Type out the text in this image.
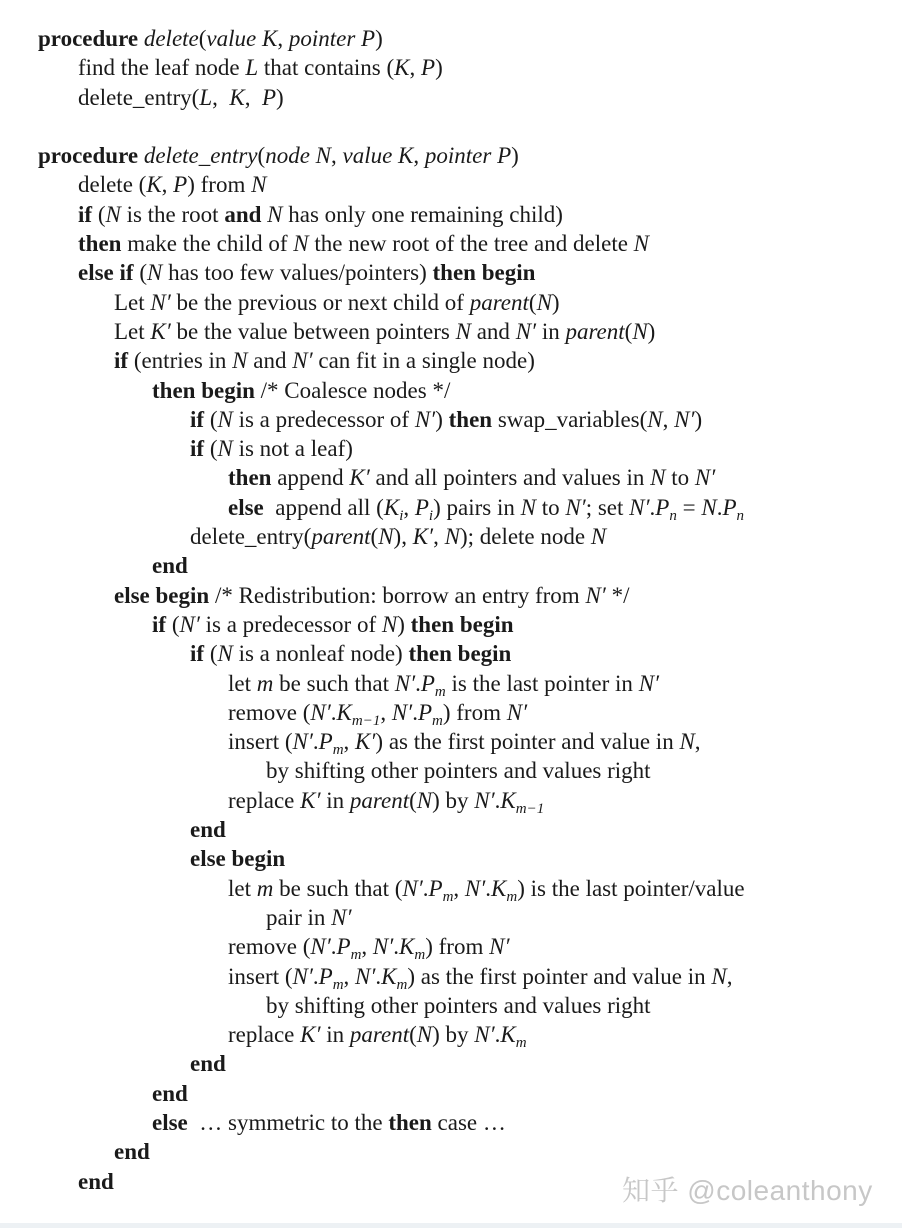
procedure delete(value K, pointer P)
find the leaf node L that contains (K, P)
delete_entry(L,  K,  P)
procedure delete_entry(node N, value K, pointer P)
delete (K, P) from N
if (N is the root and N has only one remaining child)
then make the child of N the new root of the tree and delete N
else if (N has too few values/pointers) then begin
Let N′ be the previous or next child of parent(N)
Let K′ be the value between pointers N and N′ in parent(N)
if (entries in N and N′ can fit in a single node)
then begin /* Coalesce nodes */
if (N is a predecessor of N′) then swap_variables(N, N′)
if (N is not a leaf)
then append K′ and all pointers and values in N to N′
else  append all ($K_i$, $P_i$) pairs in N to N′; set $N'.P_n = N.P_n$
delete_entry(parent(N), K′, N); delete node N
end
else begin /* Redistribution: borrow an entry from N′ */
if (N′ is a predecessor of N) then begin
if (N is a nonleaf node) then begin
let m be such that $N'.P_m$ is the last pointer in N′
remove ($N'.K_{m-1}$, $N'.P_m$) from N′
insert ($N'.P_m$, K′) as the first pointer and value in N,
by shifting other pointers and values right
replace K′ in parent(N) by $N'.K_{m-1}$
end
else begin
let m be such that ($N'.P_m$, $N'.K_m$) is the last pointer/value
pair in N′
remove ($N'.P_m$, $N'.K_m$) from N′
insert ($N'.P_m$, $N'.K_m$) as the first pointer and value in N,
by shifting other pointers and values right
replace K′ in parent(N) by $N'.K_m$
end
end
else  … symmetric to the then case …
end
end	知乎 @coleanthony
